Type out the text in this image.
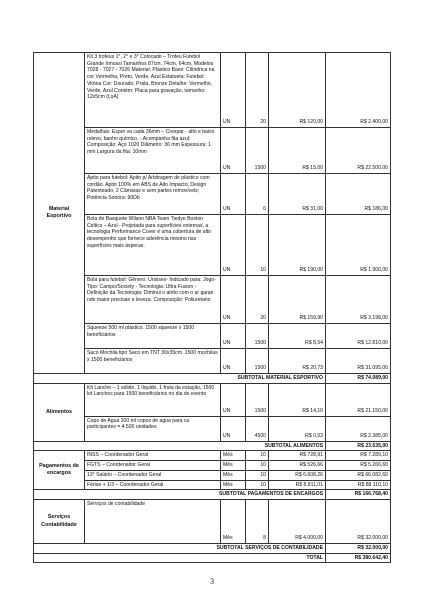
Material Esportivo	Kit 3 trofeus 1°, 2° e 3° Colocado – Trofeu Futebol Grande Irmossi Tamanhos 87cm, 74cm, 64cm, Modelos 7028 - 7027 - 7026 Material: Plástico Base: Cilíndrica na cor Vermelha, Preto, Verde, Azul Estatueta: Futebol: Vitória Cor: Dourado, Prata, Bronze Detalhe: Vermelho, Verde, Azul Contém: Placa para gravação, tamanho: 12x5cm (LxA)	UN	20	R$ 120,00	R$ 2.400,00
	Medalhas: Espor va cada 36mm – Crespar - alto e baixo relevo, banho químico. - Acompanha fita azul; Composição: Aço 1020 Diâmetro: 36 mm Espessura: 1 mm Largura da fita: 10mm	UN	1500	R$ 15,00	R$ 22.500,00
	Apito para futebol: Apito p/ Arbitragem de plástico com cordão. Apito 100% em ABS de Alto Impacto; Design Patenteado, 2 Câmaras e sem partes removíveis; Potência Sonora: 90Db	UN	6	R$ 31,00	R$ 186,00
	Bola de Basquete Wilson NBA Team Tiedye Boston Celtics – Azul - Projetada para superfícies externas, a tecnologia Performance Cover é uma cobertura de alto desempenho que fornece aderência mesmo nas superfícies mais ásperas.	UN	10	R$ 190,00	R$ 1.900,00
	Bola para futebol: Gênero: Unissex- Indicado para: Jogo- Tipo: Campo/Society - Tecnologia: Ultra Fusion - Definição da Tecnologia: Diminui o atrito com o ar garan ndo maior precisao e leveza. Composição: Poliuretano	UN	20	R$ 159,90	R$ 3.198,00
	Squeeze 500 ml plástico. 1500 squeeze x 1500 beneficiários	UN	1500	R$ 8,54	R$ 12.810,00
	Saco Mochila tipo Saco em TNT 30x35cm. 1500 mochilas x 1500 beneficiários	UN	1500	R$ 20,73	R$ 31.095,00
SUBTOTAL MATERIAL ESPORTIVO					R$ 74.089,00
Alimentos	Kit Lanche – 1 sólido, 1 líquido, 1 fruta da estação, 1500 kit Lanches para 1500 beneficiários no dia do evento	UN	1500	R$ 14,10	R$ 21.150,00
	Copo de Agua 200 ml copos de agua para ca participantes = 4.500 unidades	UN	4500	R$ 0,53	R$ 2.385,00
SUBTOTAL ALIMENTOS					R$ 23.535,00
Pagamentos de encargos	INSS – Coordenador Geral	Mês	10	R$ 728,91	R$ 7.289,10
	FGTS – Coordenador Geral	Mês	10	R$ 526,66	R$ 5.266,60
	13° Salário – Coordenador Geral	Mês	10	R$ 6.608,26	R$ 66.082,60
	Férias + 1/3 – Coordenador Geral	Mês	10	R$ 8.811,01	R$ 88.110,10
SUBTOTAL PAGAMENTOS DE ENCARGOS					R$ 166.768,40
Serviços Contabilidade	Serviços de contabilidade	Mês	8	R$ 4.000,00	R$ 32.000,00
SUBTOTAL SERVIÇOS DE CONTABILIDADE					R$ 32.000,00
TOTAL					R$ 380.642,40
3
